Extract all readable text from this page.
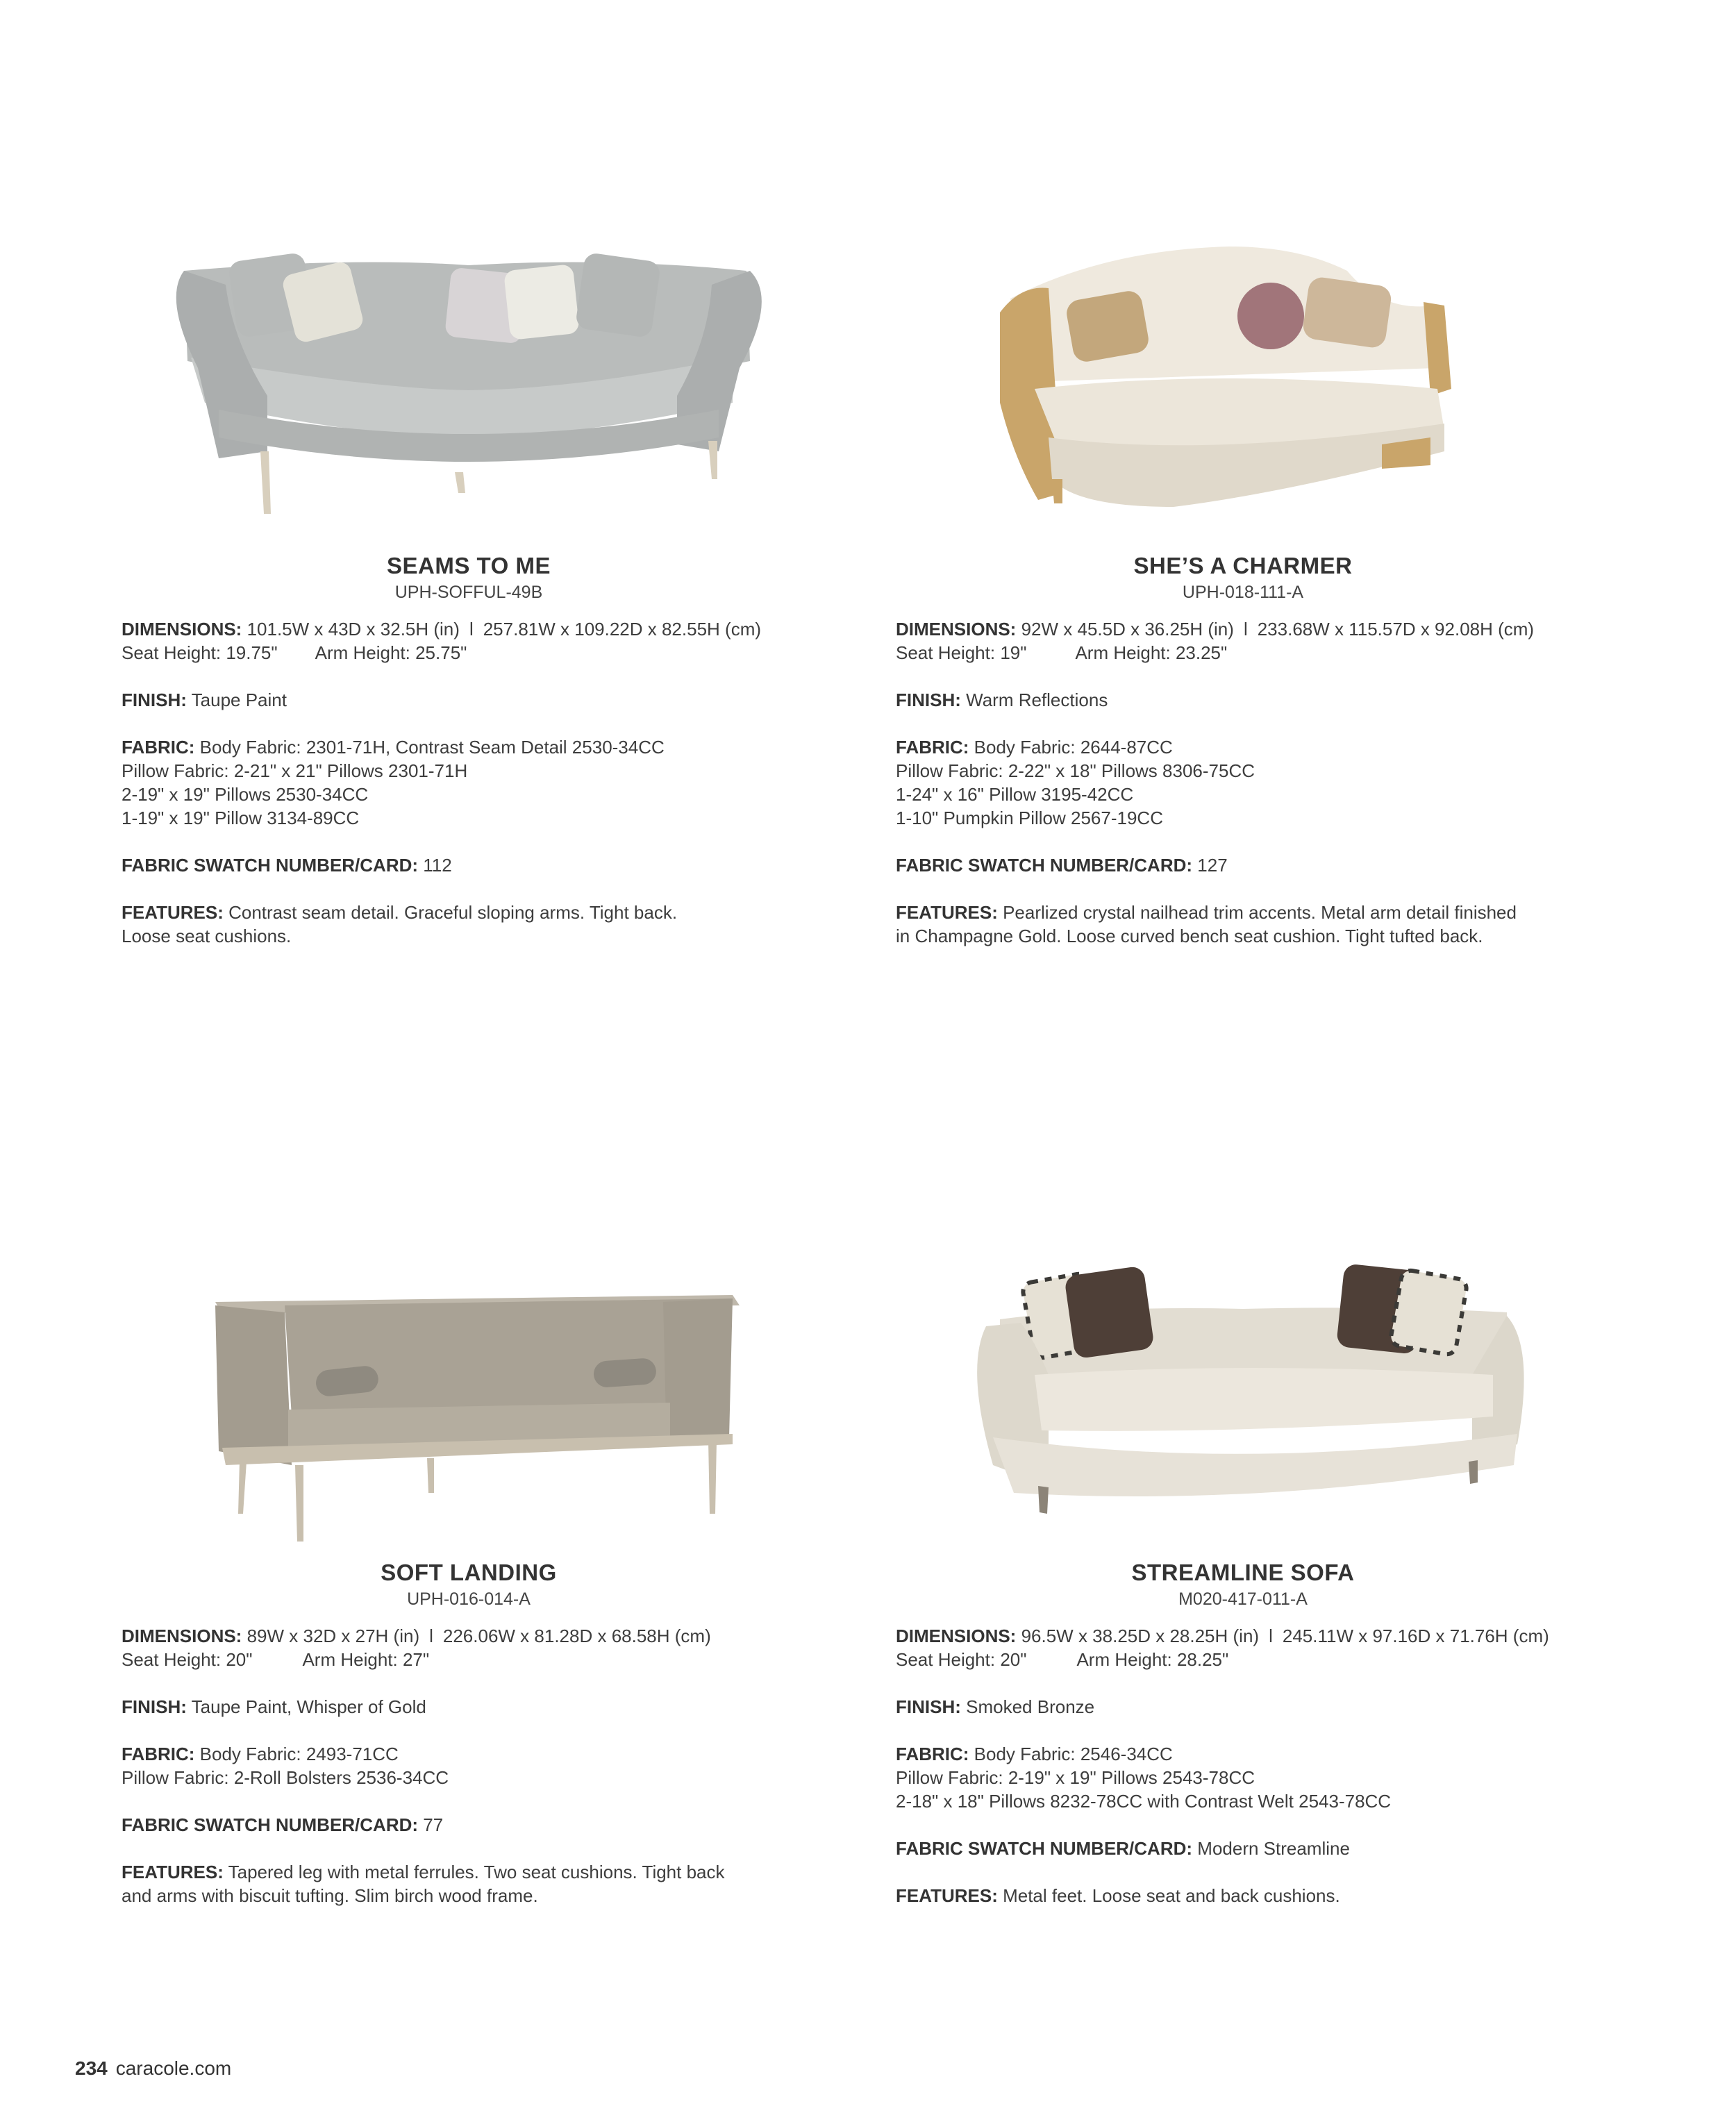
SEAMS TO ME
UPH-SOFFUL-49B
DIMENSIONS: 101.5W x 43D x 32.5H (in) l 257.81W x 109.22D x 82.55H (cm)
Seat Height: 19.75" Arm Height: 25.75"
FINISH: Taupe Paint
FABRIC: Body Fabric: 2301-71H, Contrast Seam Detail 2530-34CC
Pillow Fabric: 2-21" x 21" Pillows 2301-71H
2-19" x 19" Pillows 2530-34CC
1-19" x 19" Pillow 3134-89CC
FABRIC SWATCH NUMBER/CARD: 112
FEATURES: Contrast seam detail. Graceful sloping arms. Tight back.
Loose seat cushions.
SHE’S A CHARMER
UPH-018-111-A
DIMENSIONS: 92W x 45.5D x 36.25H (in) l 233.68W x 115.57D x 92.08H (cm)
Seat Height: 19"	Arm Height: 23.25"
FINISH: Warm Reflections
FABRIC: Body Fabric: 2644-87CC
Pillow Fabric: 2-22" x 18" Pillows 8306-75CC
1-24" x 16" Pillow 3195-42CC
1-10" Pumpkin Pillow 2567-19CC
FABRIC SWATCH NUMBER/CARD: 127
FEATURES: Pearlized crystal nailhead trim accents. Metal arm detail finished
in Champagne Gold. Loose curved bench seat cushion. Tight tufted back.
SOFT LANDING
UPH-016-014-A
DIMENSIONS: 89W x 32D x 27H (in) l 226.06W x 81.28D x 68.58H (cm)
Seat Height: 20"	Arm Height: 27"
FINISH: Taupe Paint, Whisper of Gold
FABRIC: Body Fabric: 2493-71CC
Pillow Fabric: 2-Roll Bolsters 2536-34CC
FABRIC SWATCH NUMBER/CARD: 77
FEATURES: Tapered leg with metal ferrules. Two seat cushions. Tight back
and arms with biscuit tufting. Slim birch wood frame.
STREAMLINE SOFA
M020-417-011-A
DIMENSIONS: 96.5W x 38.25D x 28.25H (in) l 245.11W x 97.16D x 71.76H (cm)
Seat Height: 20"	Arm Height: 28.25"
FINISH: Smoked Bronze
FABRIC: Body Fabric: 2546-34CC
Pillow Fabric: 2-19" x 19" Pillows 2543-78CC
2-18" x 18" Pillows 8232-78CC with Contrast Welt 2543-78CC
FABRIC SWATCH NUMBER/CARD: Modern Streamline
FEATURES: Metal feet. Loose seat and back cushions.
234 caracole.com
